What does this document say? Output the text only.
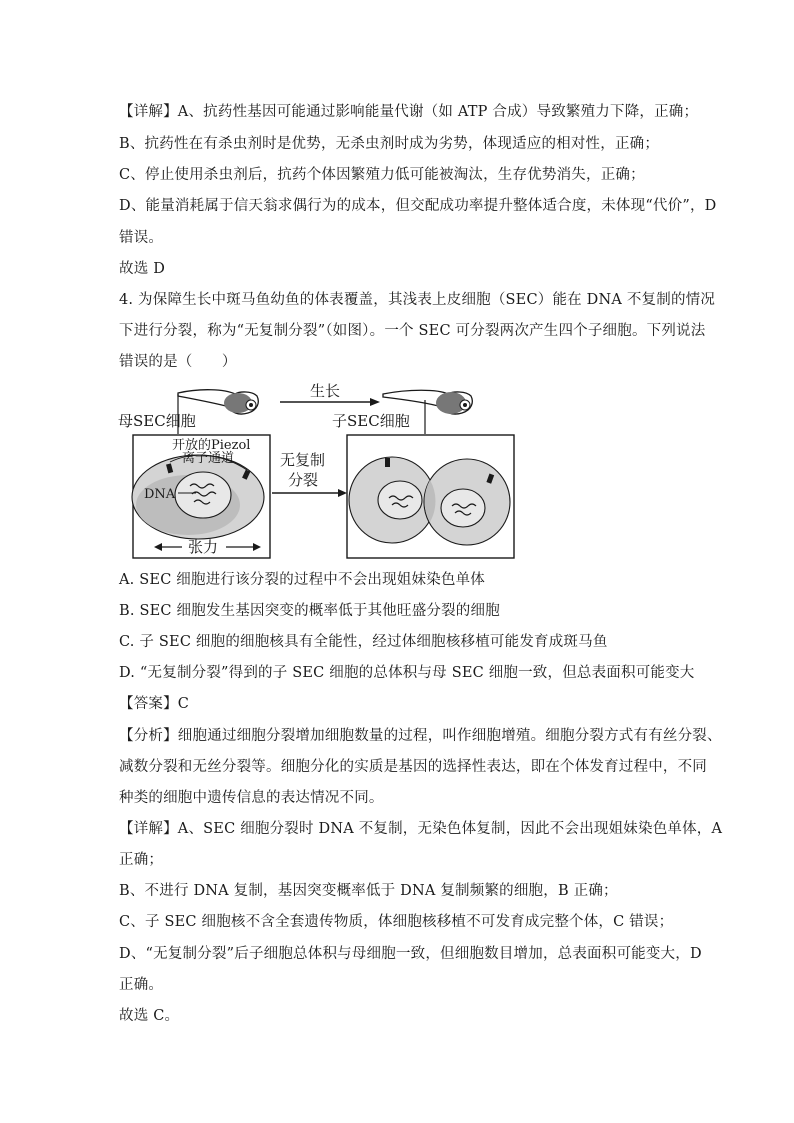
【详解】A、抗药性基因可能通过影响能量代谢（如 ATP 合成）导致繁殖力下降，正确；
B、抗药性在有杀虫剂时是优势，无杀虫剂时成为劣势，体现适应的相对性，正确；
C、停止使用杀虫剂后，抗药个体因繁殖力低可能被淘汰，生存优势消失，正确；
D、能量消耗属于信天翁求偶行为的成本，但交配成功率提升整体适合度，未体现“代价”，D
错误。
故选 D
4. 为保障生长中斑马鱼幼鱼的体表覆盖，其浅表上皮细胞（SEC）能在 DNA 不复制的情况
下进行分裂，称为“无复制分裂”（如图）。一个 SEC 可分裂两次产生四个子细胞。下列说法
错误的是（　　）
生长
母SEC细胞	子SEC细胞
开放的Piezol
离子通道
DNA
张力
无复制
分裂
A. SEC 细胞进行该分裂的过程中不会出现姐妹染色单体
B. SEC 细胞发生基因突变的概率低于其他旺盛分裂的细胞
C. 子 SEC 细胞的细胞核具有全能性，经过体细胞核移植可能发育成斑马鱼
D. “无复制分裂”得到的子 SEC 细胞的总体积与母 SEC 细胞一致，但总表面积可能变大
【答案】C
【分析】细胞通过细胞分裂增加细胞数量的过程，叫作细胞增殖。细胞分裂方式有有丝分裂、
减数分裂和无丝分裂等。细胞分化的实质是基因的选择性表达，即在个体发育过程中，不同
种类的细胞中遗传信息的表达情况不同。
【详解】A、SEC 细胞分裂时 DNA 不复制，无染色体复制，因此不会出现姐妹染色单体，A
正确；
B、不进行 DNA 复制，基因突变概率低于 DNA 复制频繁的细胞，B 正确；
C、子 SEC 细胞核不含全套遗传物质，体细胞核移植不可发育成完整个体，C 错误；
D、“无复制分裂”后子细胞总体积与母细胞一致，但细胞数目增加，总表面积可能变大，D
正确。
故选 C。
